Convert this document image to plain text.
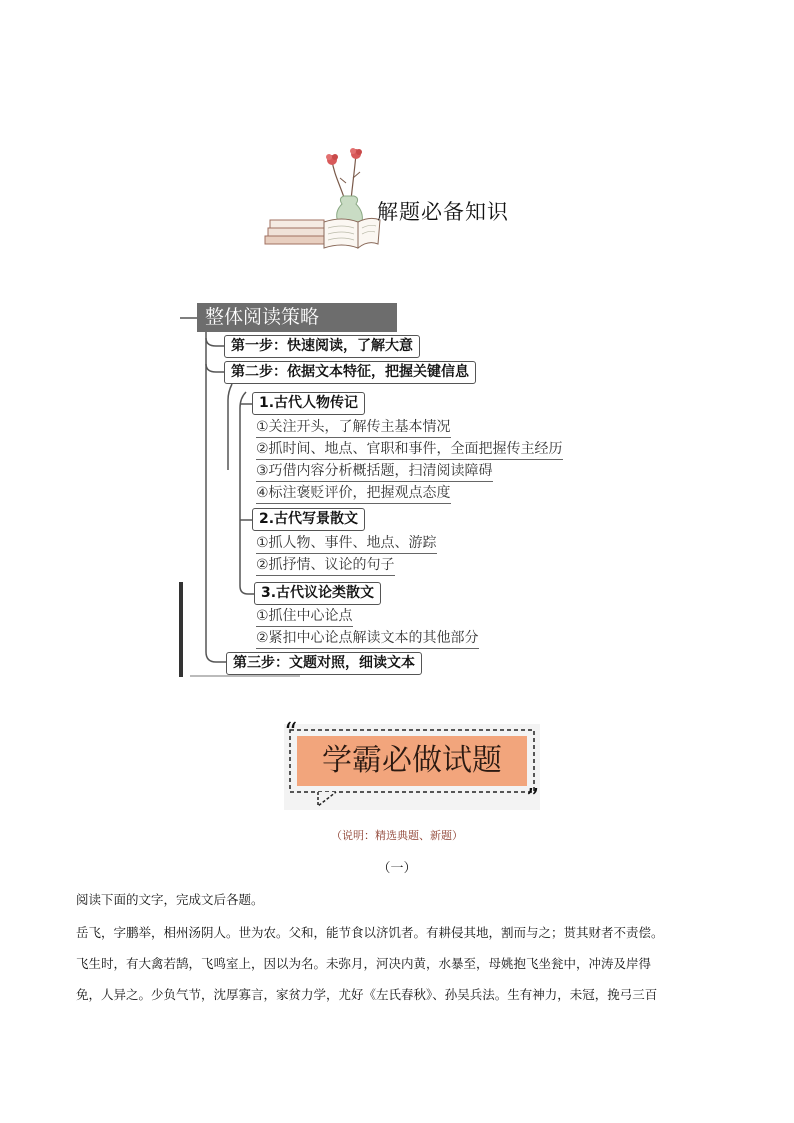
解题必备知识
整体阅读策略
第一步：快速阅读，了解大意
第二步：依据文本特征，把握关键信息
1.古代人物传记
①关注开头，了解传主基本情况
②抓时间、地点、官职和事件，全面把握传主经历
③巧借内容分析概括题，扫清阅读障碍
④标注褒贬评价，把握观点态度
2.古代写景散文
①抓人物、事件、地点、游踪
②抓抒情、议论的句子
3.古代议论类散文
①抓住中心论点
②紧扣中心论点解读文本的其他部分
第三步：文题对照，细读文本
“
”
学霸必做试题
（说明：精选典题、新题）
（一）
阅读下面的文字，完成文后各题。
岳飞，字鹏举，相州汤阴人。世为农。父和，能节食以济饥者。有耕侵其地，割而与之；贳其财者不责偿。
飞生时，有大禽若鹄，飞鸣室上，因以为名。未弥月，河决内黄，水暴至，母姚抱飞坐瓮中，冲涛及岸得
免，人异之。少负气节，沈厚寡言，家贫力学，尤好《左氏春秋》、孙吴兵法。生有神力，未冠，挽弓三百
